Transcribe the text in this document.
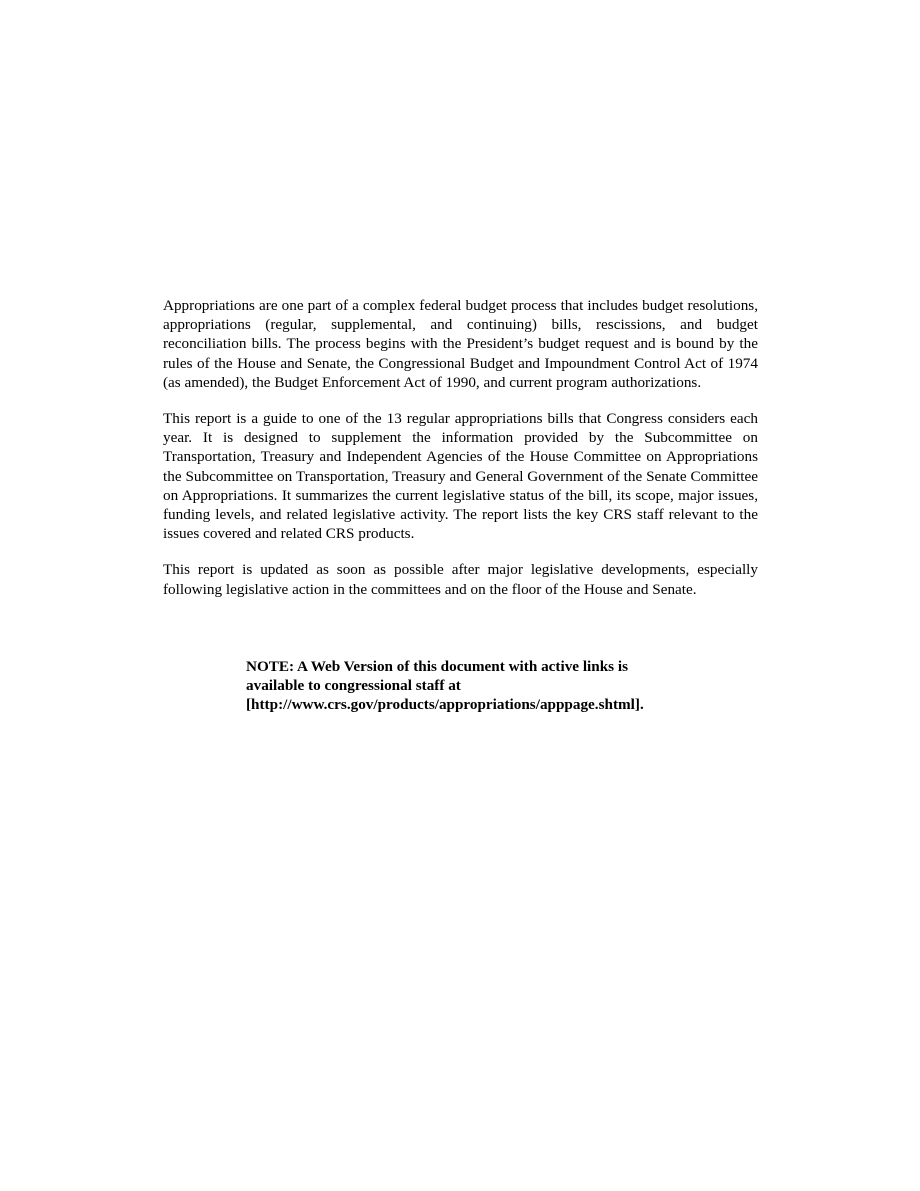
Appropriations are one part of a complex federal budget process that includes budget resolutions, appropriations (regular, supplemental, and continuing) bills, rescissions, and budget reconciliation bills. The process begins with the President’s budget request and is bound by the rules of the House and Senate, the Congressional Budget and Impoundment Control Act of 1974 (as amended), the Budget Enforcement Act of 1990, and current program authorizations.

This report is a guide to one of the 13 regular appropriations bills that Congress considers each year. It is designed to supplement the information provided by the Subcommittee on Transportation, Treasury and Independent Agencies of the House Committee on Appropriations the Subcommittee on Transportation, Treasury and General Government of the Senate Committee on Appropriations. It summarizes the current legislative status of the bill, its scope, major issues, funding levels, and related legislative activity. The report lists the key CRS staff relevant to the issues covered and related CRS products.

This report is updated as soon as possible after major legislative developments, especially following legislative action in the committees and on the floor of the House and Senate.

NOTE: A Web Version of this document with active links is

available to congressional staff at

[http://www.crs.gov/products/appropriations/apppage.shtml].
